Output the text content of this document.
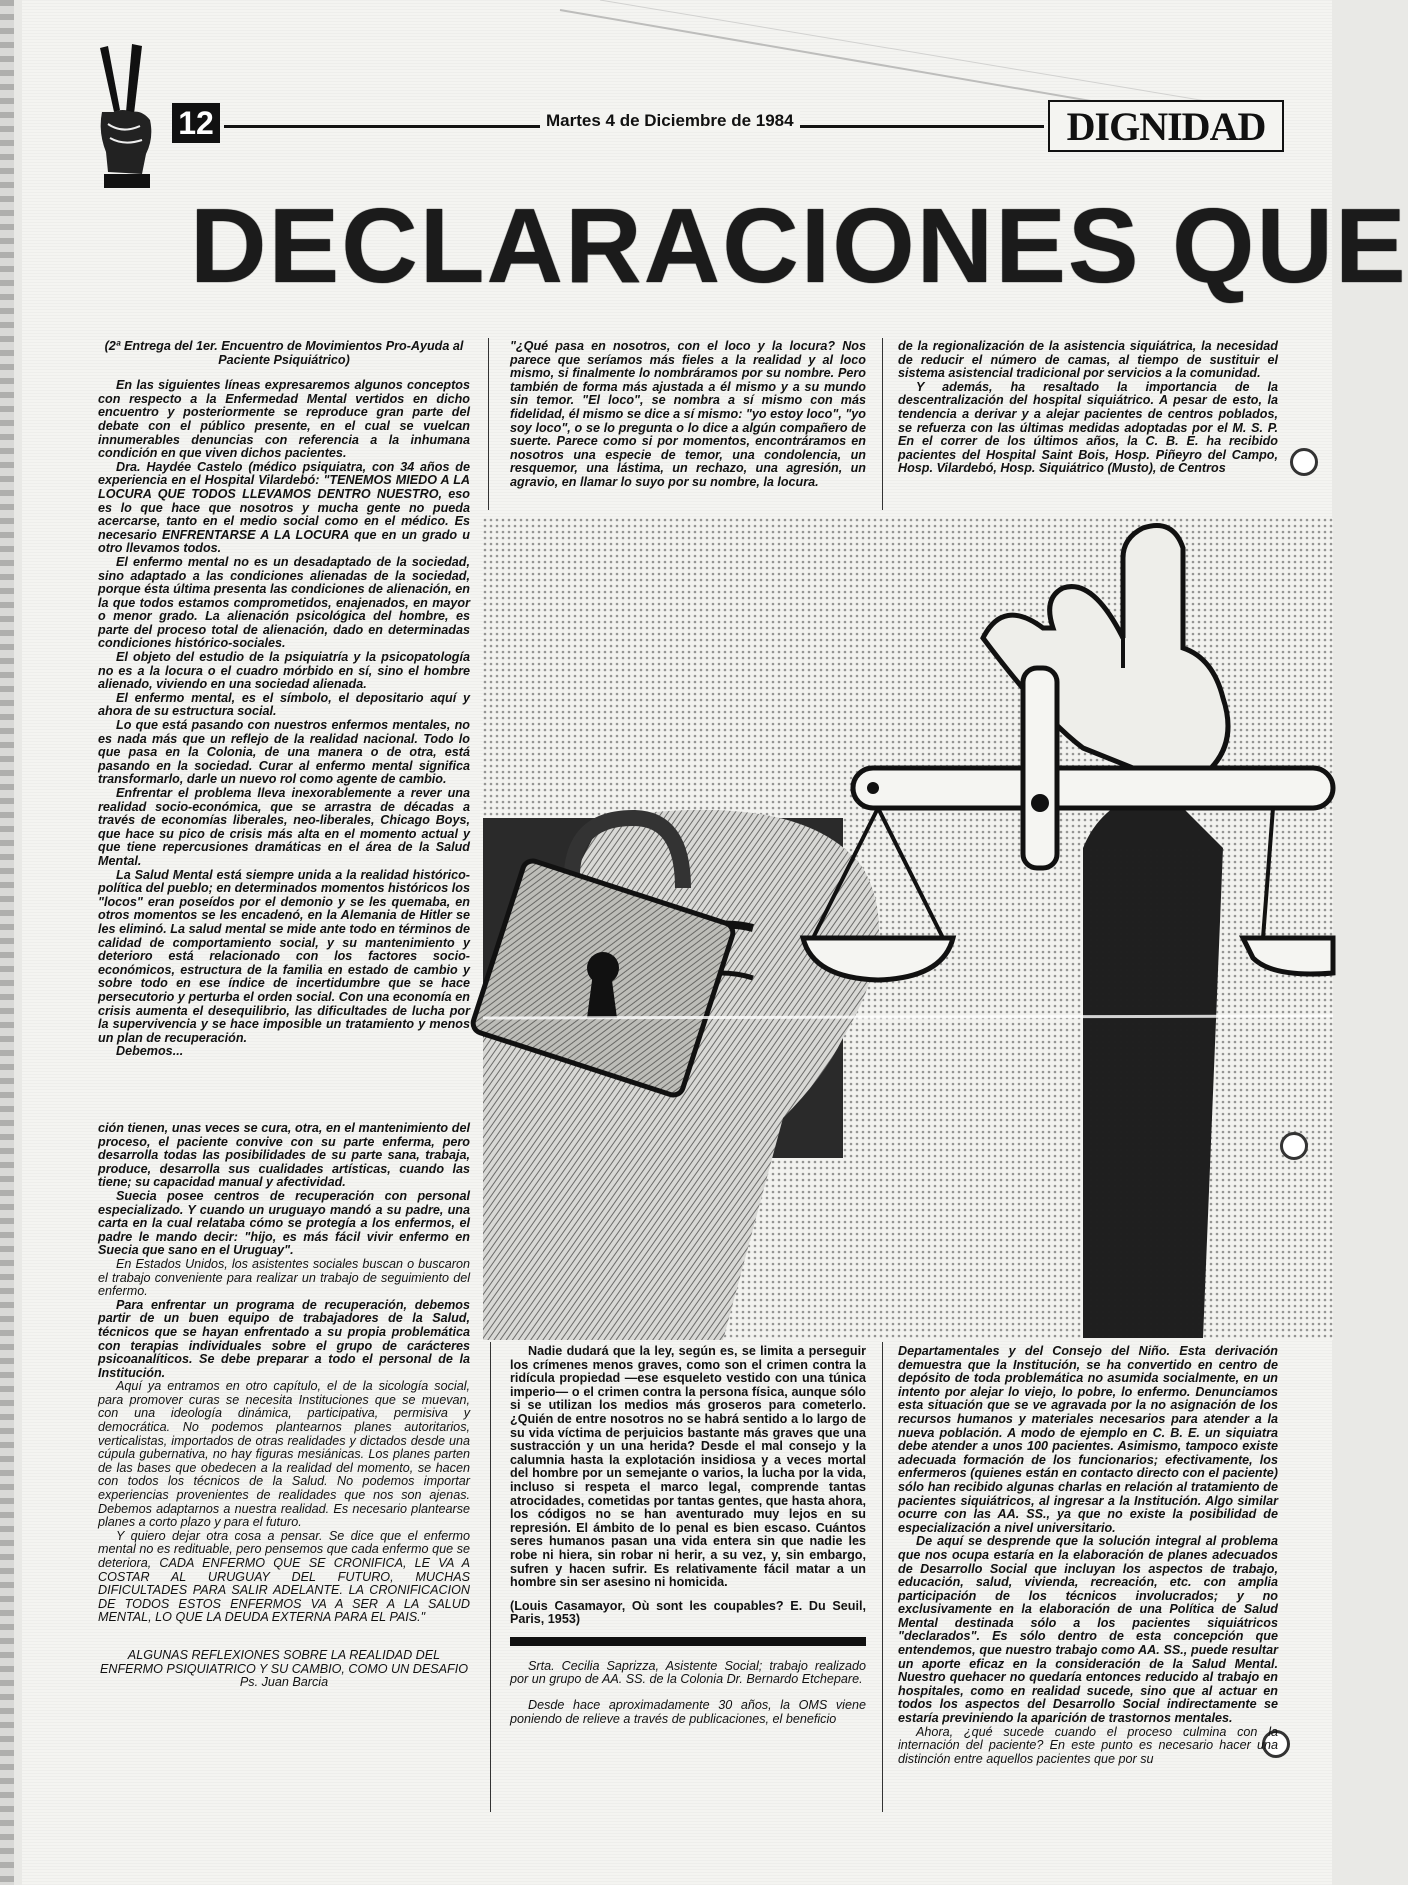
12	Martes 4 de Diciembre de 1984	DIGNIDAD
DECLARACIONES QUE
(2ª Entrega del 1er. Encuentro de Movimientos Pro-Ayuda al Paciente Psiquiátrico)

En las siguientes líneas expresaremos algunos conceptos con respecto a la Enfermedad Mental vertidos en dicho encuentro y posteriormente se reproduce gran parte del debate con el público presente, en el cual se vuelcan innumerables denuncias con referencia a la inhumana condición en que viven dichos pacientes.

Dra. Haydée Castelo (médico psiquiatra, con 34 años de experiencia en el Hospital Vilardebó: "TENEMOS MIEDO A LA LOCURA QUE TODOS LLEVAMOS DENTRO NUESTRO, eso es lo que hace que nosotros y mucha gente no pueda acercarse, tanto en el medio social como en el médico. Es necesario ENFRENTARSE A LA LOCURA que en un grado u otro llevamos todos.

El enfermo mental no es un desadaptado de la sociedad, sino adaptado a las condiciones alienadas de la sociedad, porque ésta última presenta las condiciones de alienación, en la que todos estamos comprometidos, enajenados, en mayor o menor grado. La alienación psicológica del hombre, es parte del proceso total de alienación, dado en determinadas condiciones histórico-sociales.

El objeto del estudio de la psiquiatría y la psicopatología no es a la locura o el cuadro mórbido en sí, sino el hombre alienado, viviendo en una sociedad alienada.

El enfermo mental, es el símbolo, el depositario aquí y ahora de su estructura social.

Lo que está pasando con nuestros enfermos mentales, no es nada más que un reflejo de la realidad nacional. Todo lo que pasa en la Colonia, de una manera o de otra, está pasando en la sociedad. Curar al enfermo mental significa transformarlo, darle un nuevo rol como agente de cambio.

Enfrentar el problema lleva inexorablemente a rever una realidad socio-económica, que se arrastra de décadas a través de economías liberales, neo-liberales, Chicago Boys, que hace su pico de crisis más alta en el momento actual y que tiene repercusiones dramáticas en el área de la Salud Mental.

La Salud Mental está siempre unida a la realidad histórico-política del pueblo; en determinados momentos históricos los "locos" eran poseídos por el demonio y se les quemaba, en otros momentos se les encadenó, en la Alemania de Hitler se les eliminó. La salud mental se mide ante todo en términos de calidad de comportamiento social, y su mantenimiento y deterioro está relacionado con los factores socio-económicos, estructura de la familia en estado de cambio y sobre todo en ese índice de incertidumbre que se hace persecutorio y perturba el orden social. Con una economía en crisis aumenta el desequilibrio, las dificultades de lucha por la supervivencia y se hace imposible un tratamiento y menos un plan de recuperación.

Debemos...

ción tienen, unas veces se cura, otra, en el mantenimiento del proceso, el paciente convive con su parte enferma, pero desarrolla todas las posibilidades de su parte sana, trabaja, produce, desarrolla sus cualidades artísticas, cuando las tiene; su capacidad manual y afectividad.

Suecia posee centros de recuperación con personal especializado. Y cuando un uruguayo mandó a su padre, una carta en la cual relataba cómo se protegía a los enfermos, el padre le mando decir: "hijo, es más fácil vivir enfermo en Suecia que sano en el Uruguay".

En Estados Unidos, los asistentes sociales buscan o buscaron el trabajo conveniente para realizar un trabajo de seguimiento del enfermo.

Para enfrentar un programa de recuperación, debemos partir de un buen equipo de trabajadores de la Salud, técnicos que se hayan enfrentado a su propia problemática con terapias individuales sobre el grupo de carácteres psicoanalíticos. Se debe preparar a todo el personal de la Institución.

Aquí ya entramos en otro capítulo, el de la sicología social, para promover curas se necesita Instituciones que se muevan, con una ideología dinámica, participativa, permisiva y democrática. No podemos plantearnos planes autoritarios, verticalistas, importados de otras realidades y dictados desde una cúpula gubernativa, no hay figuras mesiánicas. Los planes parten de las bases que obedecen a la realidad del momento, se hacen con todos los técnicos de la Salud. No podemos importar experiencias provenientes de realidades que nos son ajenas. Debemos adaptarnos a nuestra realidad. Es necesario plantearse planes a corto plazo y para el futuro.

Y quiero dejar otra cosa a pensar. Se dice que el enfermo mental no es redituable, pero pensemos que cada enfermo que se deteriora, CADA ENFERMO QUE SE CRONIFICA, LE VA A COSTAR AL URUGUAY DEL FUTURO, MUCHAS DIFICULTADES PARA SALIR ADELANTE. LA CRONIFICACION DE TODOS ESTOS ENFERMOS VA A SER A LA SALUD MENTAL, LO QUE LA DEUDA EXTERNA PARA EL PAIS."

ALGUNAS REFLEXIONES SOBRE LA REALIDAD DEL ENFERMO PSIQUIATRICO Y SU CAMBIO, COMO UN DESAFIO
Ps. Juan Barcia

"¿Qué pasa en nosotros, con el loco y la locura? Nos parece que seríamos más fieles a la realidad y al loco mismo, si finalmente lo nombráramos por su nombre. Pero también de forma más ajustada a él mismo y a su mundo sin temor. "El loco", se nombra a sí mismo con más fidelidad, él mismo se dice a sí mismo: "yo estoy loco", "yo soy loco", o se lo pregunta o lo dice a algún compañero de suerte. Parece como si por momentos, encontráramos en nosotros una especie de temor, una condolencia, un resquemor, una lástima, un rechazo, una agresión, un agravio, en llamar lo suyo por su nombre, la locura.

de la regionalización de la asistencia siquiátrica, la necesidad de reducir el número de camas, al tiempo de sustituir el sistema asistencial tradicional por servicios a la comunidad.

Y además, ha resaltado la importancia de la descentralización del hospital siquiátrico. A pesar de esto, la tendencia a derivar y a alejar pacientes de centros poblados, se refuerza con las últimas medidas adoptadas por el M. S. P. En el correr de los últimos años, la C. B. E. ha recibido pacientes del Hospital Saint Bois, Hosp. Piñeyro del Campo, Hosp. Vilardebó, Hosp. Siquiátrico (Musto), de Centros

Nadie dudará que la ley, según es, se limita a perseguir los crímenes menos graves, como son el crimen contra la ridícula propiedad —ese esqueleto vestido con una túnica imperio— o el crimen contra la persona física, aunque sólo si se utilizan los medios más groseros para cometerlo. ¿Quién de entre nosotros no se habrá sentido a lo largo de su vida víctima de perjuicios bastante más graves que una sustracción y un una herida? Desde el mal consejo y la calumnia hasta la explotación insidiosa y a veces mortal del hombre por un semejante o varios, la lucha por la vida, incluso si respeta el marco legal, comprende tantas atrocidades, cometidas por tantas gentes, que hasta ahora, los códigos no se han aventurado muy lejos en su represión. El ámbito de lo penal es bien escaso. Cuántos seres humanos pasan una vida entera sin que nadie les robe ni hiera, sin robar ni herir, a su vez, y, sin embargo, sufren y hacen sufrir. Es relativamente fácil matar a un hombre sin ser asesino ni homicida.

(Louis Casamayor, Où sont les coupables? E. Du Seuil, Paris, 1953)

Srta. Cecilia Saprizza, Asistente Social; trabajo realizado por un grupo de AA. SS. de la Colonia Dr. Bernardo Etchepare.

Desde hace aproximadamente 30 años, la OMS viene poniendo de relieve a través de publicaciones, el beneficio

Departamentales y del Consejo del Niño. Esta derivación demuestra que la Institución, se ha convertido en centro de depósito de toda problemática no asumida socialmente, en un intento por alejar lo viejo, lo pobre, lo enfermo. Denunciamos esta situación que se ve agravada por la no asignación de los recursos humanos y materiales necesarios para atender a la nueva población. A modo de ejemplo en C. B. E. un siquiatra debe atender a unos 100 pacientes. Asimismo, tampoco existe adecuada formación de los funcionarios; efectivamente, los enfermeros (quienes están en contacto directo con el paciente) sólo han recibido algunas charlas en relación al tratamiento de pacientes siquiátricos, al ingresar a la Institución. Algo similar ocurre con las AA. SS., ya que no existe la posibilidad de especialización a nivel universitario.

De aquí se desprende que la solución integral al problema que nos ocupa estaría en la elaboración de planes adecuados de Desarrollo Social que incluyan los aspectos de trabajo, educación, salud, vivienda, recreación, etc. con amplia participación de los técnicos involucrados; y no exclusivamente en la elaboración de una Política de Salud Mental destinada sólo a los pacientes siquiátricos "declarados". Es sólo dentro de esta concepción que entendemos, que nuestro trabajo como AA. SS., puede resultar un aporte eficaz en la consideración de la Salud Mental. Nuestro quehacer no quedaría entonces reducido al trabajo en hospitales, como en realidad sucede, sino que al actuar en todos los aspectos del Desarrollo Social indirectamente se estaría previniendo la aparición de trastornos mentales.

Ahora, ¿qué sucede cuando el proceso culmina con la internación del paciente? En este punto es necesario hacer una distinción entre aquellos pacientes que por su
